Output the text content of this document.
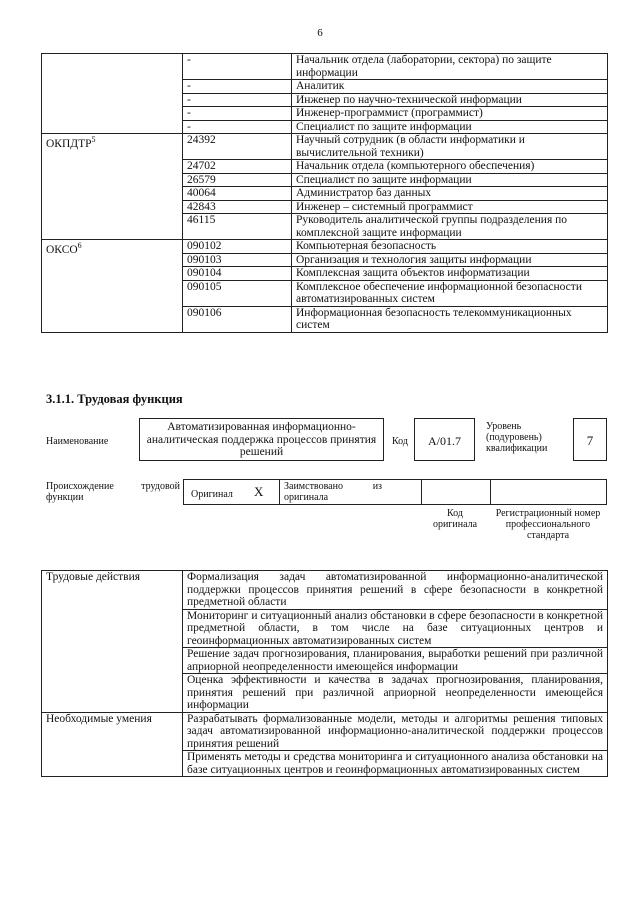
6
	-	Начальник отдела (лаборатории, сектора) по защите информации
	-	Аналитик
	-	Инженер по научно-технической информации
	-	Инженер-программист (программист)
	-	Специалист по защите информации
ОКПДТР$^5$	24392	Научный сотрудник (в области информатики и вычислительной техники)
	24702	Начальник отдела (компьютерного обеспечения)
	26579	Специалист по защите информации
	40064	Администратор баз данных
	42843	Инженер – системный программист
	46115	Руководитель аналитической группы подразделения по комплексной защите информации
ОКСО$^6$	090102	Компьютерная безопасность
	090103	Организация и технология защиты информации
	090104	Комплексная защита объектов информатизации
	090105	Комплексное обеспечение информационной безопасности автоматизированных систем
	090106	Информационная безопасность телекоммуникационных систем
3.1.1. Трудовая функция
Наименование
Автоматизированная информационно-аналитическая поддержка процессов принятия решений
Код	A/01.7
Уровень (подуровень) квалификации
7
Происхождение трудовой функции	Оригинал X Заимствовано из оригинала
Код оригинала
Регистрационный номер профессионального стандарта
Трудовые действия	Формализация задач автоматизированной информационно-аналитической поддержки процессов принятия решений в сфере безопасности в конкретной предметной области
	Мониторинг и ситуационный анализ обстановки в сфере безопасности в конкретной предметной области, в том числе на базе ситуационных центров и геоинформационных автоматизированных систем
	Решение задач прогнозирования, планирования, выработки решений при различной априорной неопределенности имеющейся информации
	Оценка эффективности и качества в задачах прогнозирования, планирования, принятия решений при различной априорной неопределенности имеющейся информации
Необходимые умения	Разрабатывать формализованные модели, методы и алгоритмы решения типовых задач автоматизированной информационно-аналитической поддержки процессов принятия решений
	Применять методы и средства мониторинга и ситуационного анализа обстановки на базе ситуационных центров и геоинформационных автоматизированных систем
